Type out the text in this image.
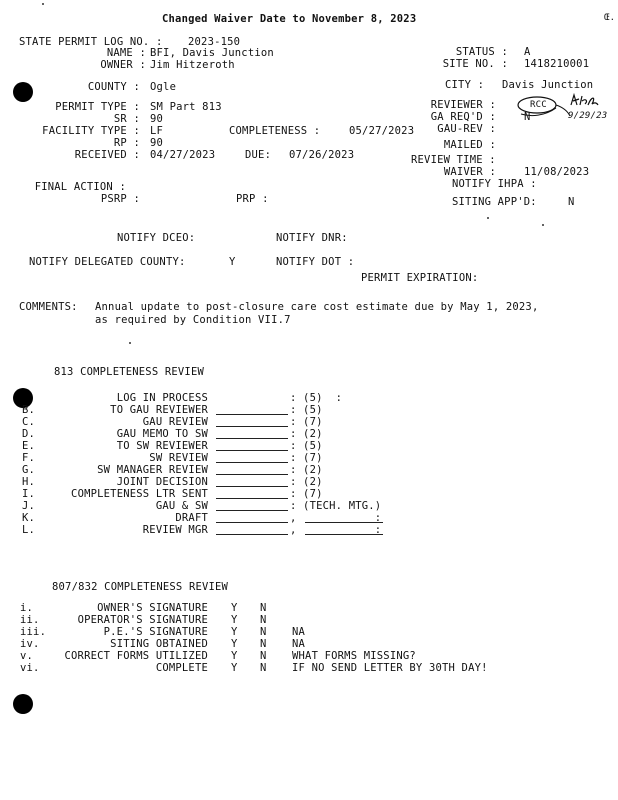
Changed Waiver Date to November 8, 2023	Œ.
STATE PERMIT LOG NO. : 2023-150
NAME : BFI, Davis Junction
OWNER : Jim Hitzeroth
STATUS : A
SITE NO. : 1418210001
COUNTY : Ogle	CITY : Davis Junction
PERMIT TYPE : SM Part 813
SR : 90
FACILITY TYPE : LF	COMPLETENESS :	05/27/2023
RP : 90
RECEIVED : 04/27/2023	DUE: 07/26/2023
REVIEWER :	RCC
GA REQ'D :	N
GAU-REV :
MAILED :
REVIEW TIME :
WAIVER :	11/08/2023
NOTIFY IHPA :
SITING APP'D:	N
9/29/23
FINAL ACTION :
PSRP :	PRP :
NOTIFY DCEO:	NOTIFY DNR:
NOTIFY DELEGATED COUNTY:	Y	NOTIFY DOT :
PERMIT EXPIRATION:
COMMENTS: Annual update to post-closure care cost estimate due by May 1, 2023,
as required by Condition VII.7
813 COMPLETENESS REVIEW
LOG IN PROCESS	: (5)  :
B.	TO GAU REVIEWER	: (5)
C.	GAU REVIEW	: (7)
D.	GAU MEMO TO SW	: (2)
E.	TO SW REVIEWER	: (5)
F.	SW REVIEW	: (7)
G.	SW MANAGER REVIEW	: (2)
H.	JOINT DECISION	: (2)
I.	COMPLETENESS LTR SENT	: (7)
J.	GAU & SW	: (TECH. MTG.)
K.	DRAFT	,            :
L.	REVIEW MGR	,            :
807/832 COMPLETENESS REVIEW
i.	OWNER'S SIGNATURE Y N
ii.	OPERATOR'S SIGNATURE Y N
iii.	P.E.'S SIGNATURE Y N NA
iv.	SITING OBTAINED Y N NA
v.	CORRECT FORMS UTILIZED Y N WHAT FORMS MISSING?
vi.	COMPLETE Y N IF NO SEND LETTER BY 30TH DAY!
